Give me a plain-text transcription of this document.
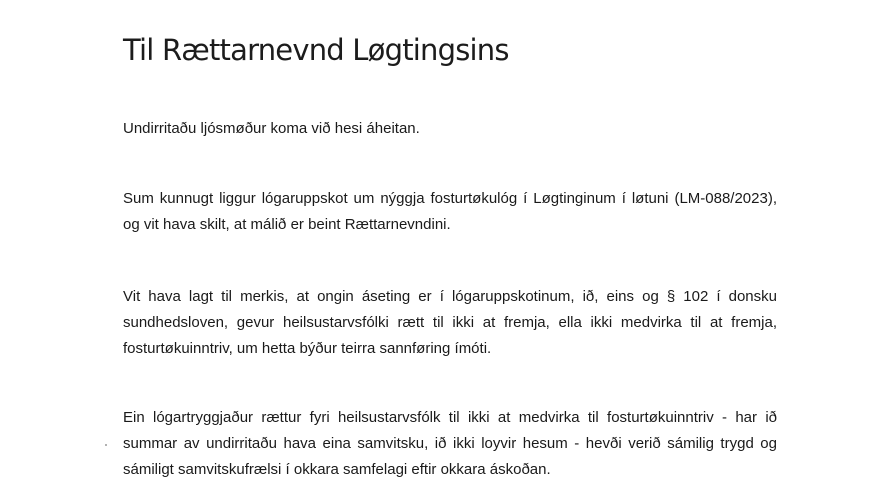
Til Rættarnevnd Løgtingsins

Undirritaðu ljósmøður koma við hesi áheitan.

Sum kunnugt liggur lógaruppskot um nýggja fosturtøkulóg í Løgtinginum í løtuni (LM-088/2023), og vit hava skilt, at málið er beint Rættarnevndini.

Vit hava lagt til merkis, at ongin áseting er í lógaruppskotinum, ið, eins og § 102 í donsku sundhedsloven, gevur heilsustarvsfólki rætt til ikki at fremja, ella ikki medvirka til at fremja, fosturtøkuinntriv, um hetta býður teirra sannføring ímóti.

Ein lógartryggjaður rættur fyri heilsustarvsfólk til ikki at medvirka til fosturtøkuinntriv - har ið summar av undirritaðu hava eina samvitsku, ið ikki loyvir hesum - hevði verið sámilig trygd og sámiligt samvitskufrælsi í okkara samfelagi eftir okkara áskoðan.
